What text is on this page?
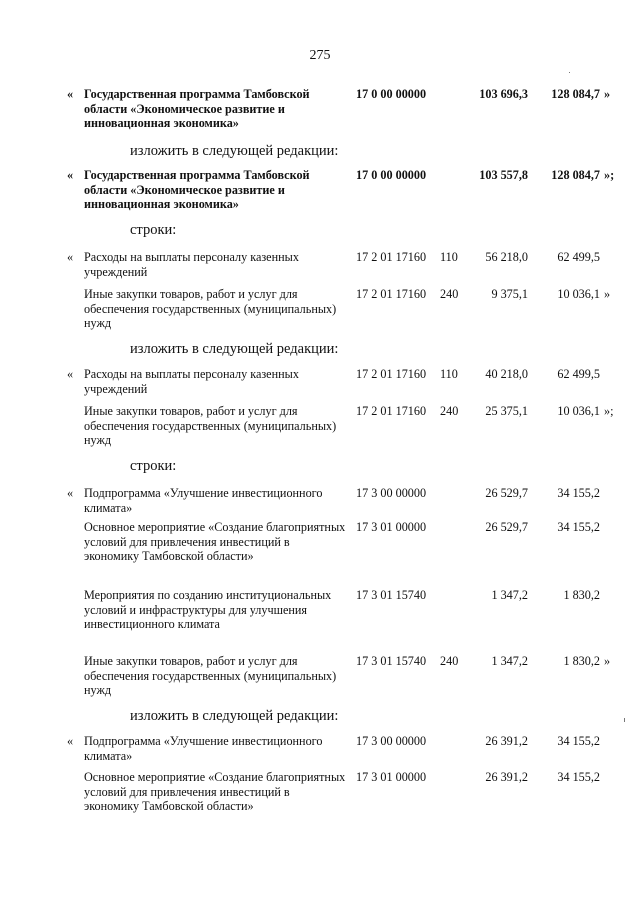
275
« Государственная программа Тамбовской области «Экономическое развитие и инновационная экономика»
17 0 00 00000	103 696,3	128 084,7 »
изложить в следующей редакции:
« Государственная программа Тамбовской области «Экономическое развитие и инновационная экономика»
17 0 00 00000	103 557,8	128 084,7 »;
строки:
« Расходы на выплаты персоналу казенных учреждений
17 2 01 17160 110	56 218,0	62 499,5
Иные закупки товаров, работ и услуг для обеспечения государственных (муниципальных) нужд
17 2 01 17160 240	9 375,1	10 036,1 »
изложить в следующей редакции:
« Расходы на выплаты персоналу казенных учреждений
17 2 01 17160 110	40 218,0	62 499,5
Иные закупки товаров, работ и услуг для обеспечения государственных (муниципальных) нужд
17 2 01 17160 240	25 375,1	10 036,1 »;
строки:
« Подпрограмма «Улучшение инвестиционного климата»
17 3 00 00000	26 529,7	34 155,2
Основное мероприятие «Создание благоприятных условий для привлечения инвестиций в экономику Тамбовской области»
17 3 01 00000	26 529,7	34 155,2
Мероприятия по созданию институциональных условий и инфраструктуры для улучшения инвестиционного климата
17 3 01 15740	1 347,2	1 830,2
Иные закупки товаров, работ и услуг для обеспечения государственных (муниципальных) нужд
17 3 01 15740 240	1 347,2	1 830,2 »
изложить в следующей редакции:
« Подпрограмма «Улучшение инвестиционного климата»
17 3 00 00000	26 391,2	34 155,2
Основное мероприятие «Создание благоприятных условий для привлечения инвестиций в экономику Тамбовской области»
17 3 01 00000	26 391,2	34 155,2
